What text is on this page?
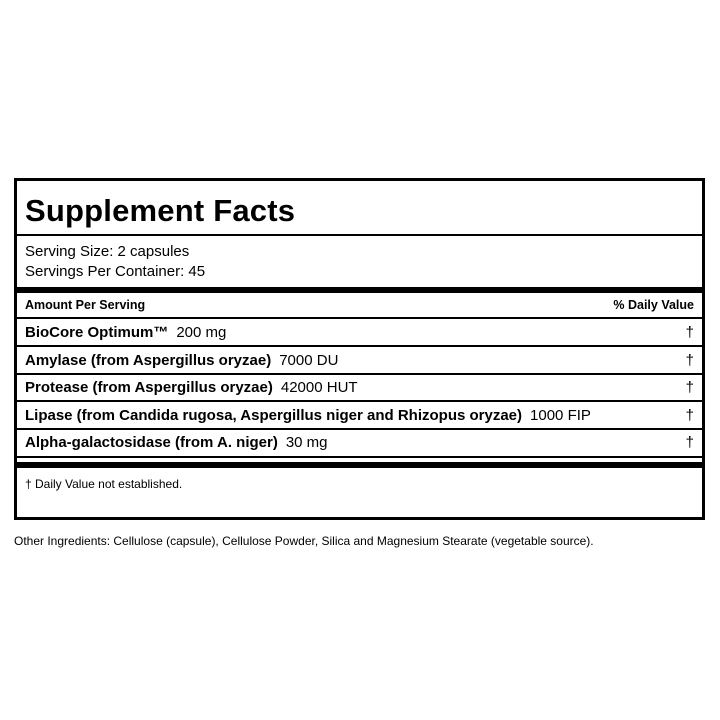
Supplement Facts
Serving Size: 2 capsules
Servings Per Container: 45
Amount Per Serving	% Daily Value
BioCore Optimum™ 200 mg	†
Amylase (from Aspergillus oryzae) 7000 DU	†
Protease (from Aspergillus oryzae) 42000 HUT	†
Lipase (from Candida rugosa, Aspergillus niger and Rhizopus oryzae) 1000 FIP	†
Alpha-galactosidase (from A. niger) 30 mg	†
† Daily Value not established.
Other Ingredients: Cellulose (capsule), Cellulose Powder, Silica and Magnesium Stearate (vegetable source).
